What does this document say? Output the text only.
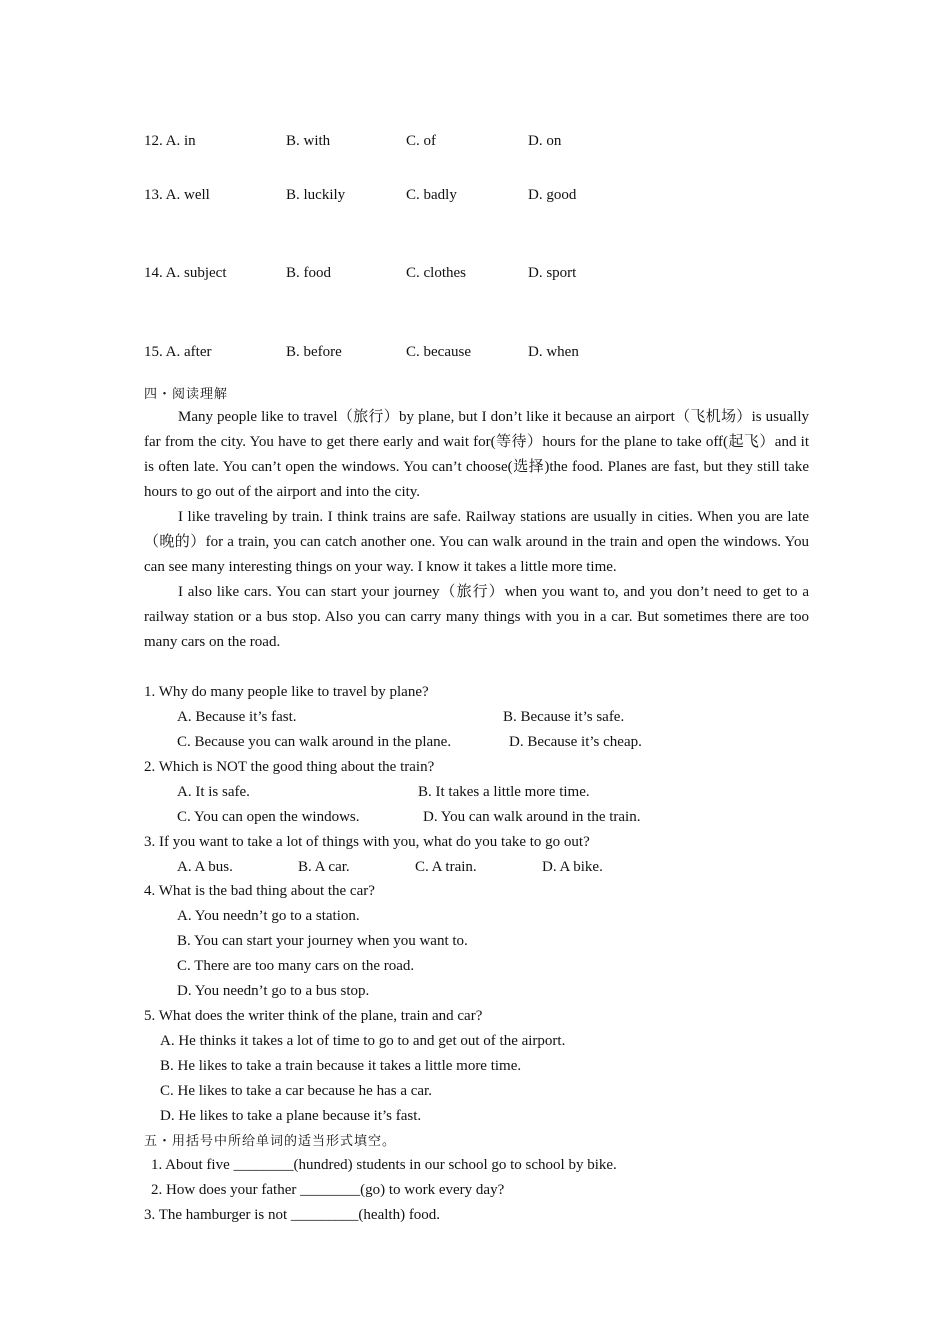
12. A. in	B. with	C. of	D. on
13. A. well	B. luckily	C. badly	D. good
14. A. subject	B. food	C. clothes	D. sport
15. A. after	B. before	C. because	D. when
四・阅读理解

Many people like to travel（旅行）by plane, but I don’t like it because an airport（飞机场）is usually far from the city. You have to get there early and wait for(等待）hours for the plane to take off(起飞）and it is often late. You can’t open the windows. You can’t choose(选择)the food. Planes are fast, but they still take hours to go out of the airport and into the city.

I like traveling by train. I think trains are safe. Railway stations are usually in cities. When you are late（晚的）for a train, you can catch another one. You can walk around in the train and open the windows. You can see many interesting things on your way. I know it takes a little more time.

I also like cars. You can start your journey（旅行）when you want to, and you don’t need to get to a railway station or a bus stop. Also you can carry many things with you in a car. But sometimes there are too many cars on the road.

1. Why do many people like to travel by plane?
A. Because it’s fast.	B. Because it’s safe.
C. Because you can walk around in the plane.	D. Because it’s cheap.
2. Which is NOT the good thing about the train?
A. It is safe.	B. It takes a little more time.
C. You can open the windows.	D. You can walk around in the train.
3. If you want to take a lot of things with you, what do you take to go out?
A. A bus.	B. A car.	C. A train.	D. A bike.
4. What is the bad thing about the car?
A. You needn’t go to a station.
B. You can start your journey when you want to.
C. There are too many cars on the road.
D. You needn’t go to a bus stop.
5. What does the writer think of the plane, train and car?
A. He thinks it takes a lot of time to go to and get out of the airport.
B. He likes to take a train because it takes a little more time.
C. He likes to take a car because he has a car.
D. He likes to take a plane because it’s fast.
五・用括号中所给单词的适当形式填空。
1. About five ________(hundred) students in our school go to school by bike.
2. How does your father ________(go) to work every day?
3. The hamburger is not _________(health) food.
